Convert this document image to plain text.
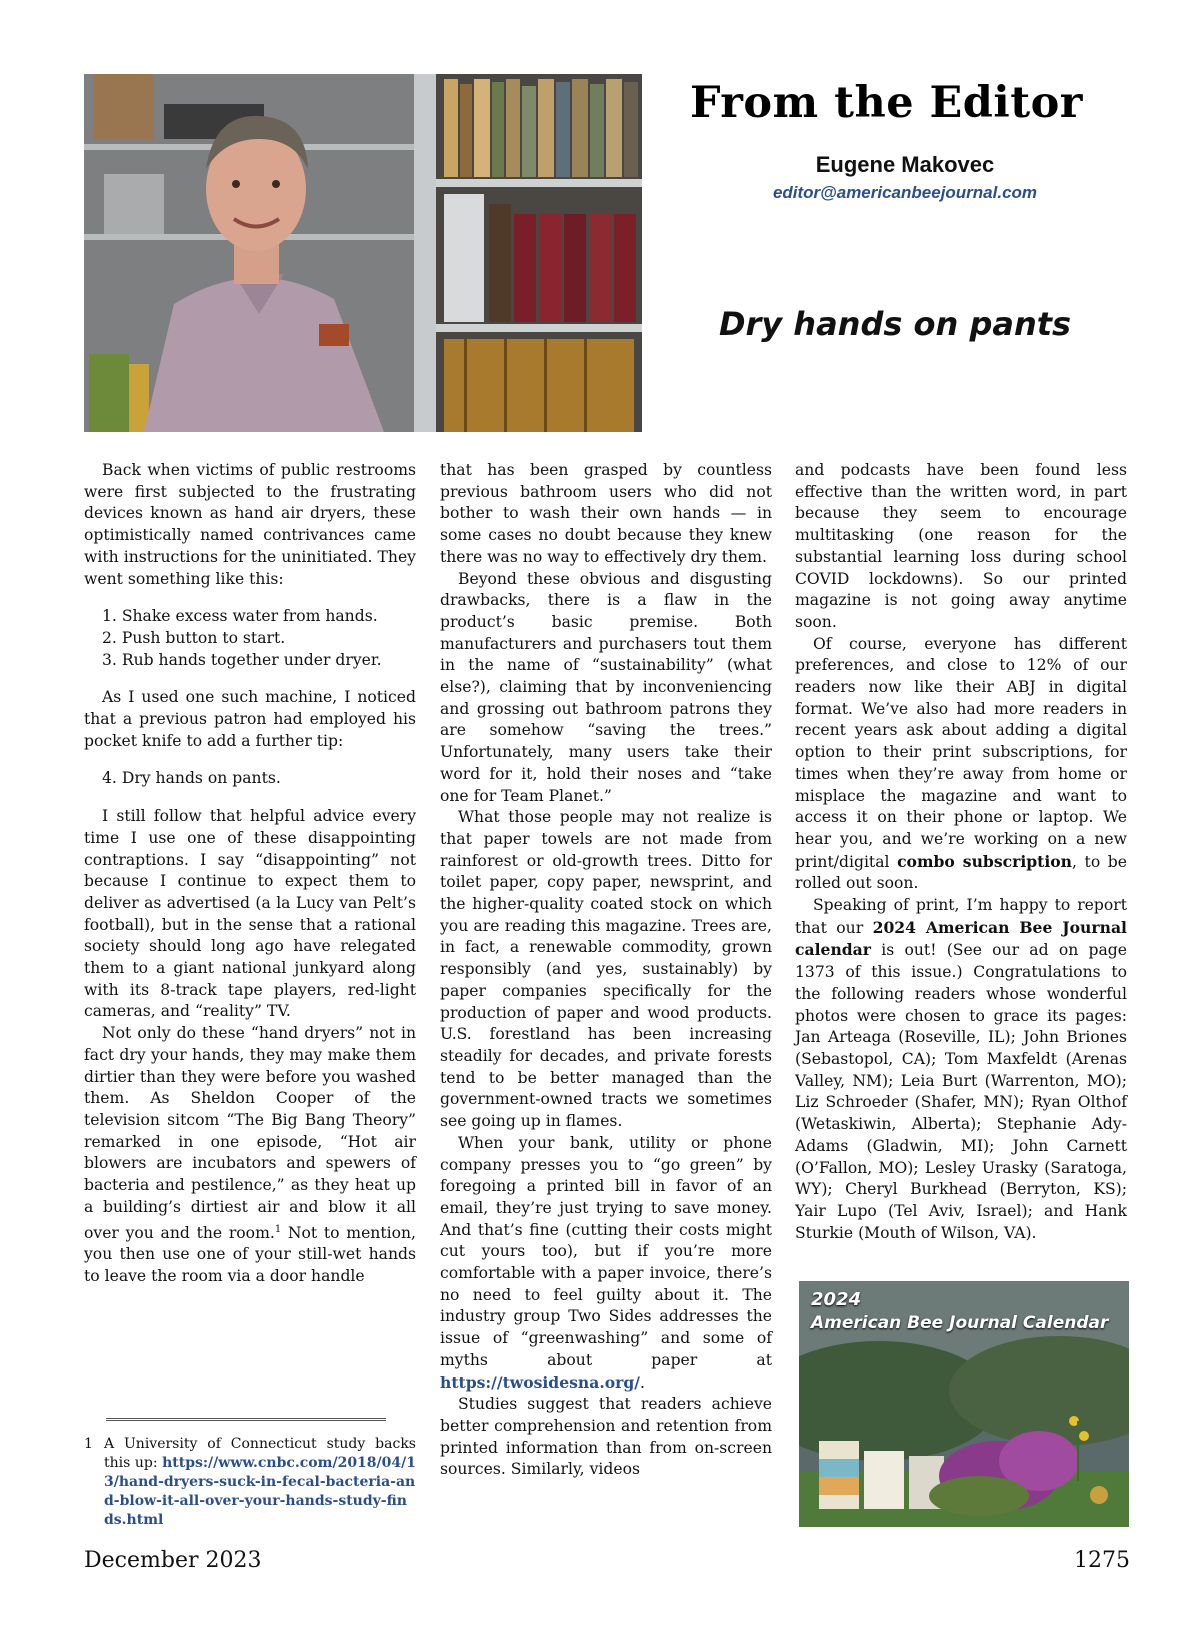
From the Editor
Eugene Makovec
editor@americanbeejournal.com
Dry hands on pants

Back when victims of public restrooms were first subjected to the frustrating devices known as hand air dryers, these optimistically named contrivances came with instructions for the uninitiated. They went something like this:

1. Shake excess water from hands.
2. Push button to start.
3. Rub hands together under dryer.

As I used one such machine, I noticed that a previous patron had employed his pocket knife to add a further tip:

4. Dry hands on pants.

I still follow that helpful advice every time I use one of these disappointing contraptions. I say “disappointing” not because I continue to expect them to deliver as advertised (a la Lucy van Pelt’s football), but in the sense that a rational society should long ago have relegated them to a giant national junkyard along with its 8-track tape players, red-light cameras, and “reality” TV.

Not only do these “hand dryers” not in fact dry your hands, they may make them dirtier than they were before you washed them. As Sheldon Cooper of the television sitcom “The Big Bang Theory” remarked in one episode, “Hot air blowers are incubators and spewers of bacteria and pestilence,” as they heat up a building’s dirtiest air and blow it all over you and the room.$^1$ Not to mention, you then use one of your still-wet hands to leave the room via a door handle

that has been grasped by countless previous bathroom users who did not bother to wash their own hands — in some cases no doubt because they knew there was no way to effectively dry them.

Beyond these obvious and disgusting drawbacks, there is a flaw in the product’s basic premise. Both manufacturers and purchasers tout them in the name of “sustainability” (what else?), claiming that by inconveniencing and grossing out bathroom patrons they are somehow “saving the trees.” Unfortunately, many users take their word for it, hold their noses and “take one for Team Planet.”

What those people may not realize is that paper towels are not made from rainforest or old-growth trees. Ditto for toilet paper, copy paper, newsprint, and the higher-quality coated stock on which you are reading this magazine. Trees are, in fact, a renewable commodity, grown responsibly (and yes, sustainably) by paper companies specifically for the production of paper and wood products. U.S. forestland has been increasing steadily for decades, and private forests tend to be better managed than the government-owned tracts we sometimes see going up in flames.

When your bank, utility or phone company presses you to “go green” by foregoing a printed bill in favor of an email, they’re just trying to save money. And that’s fine (cutting their costs might cut yours too), but if you’re more comfortable with a paper invoice, there’s no need to feel guilty about it. The industry group Two Sides addresses the issue of “greenwashing” and some of myths about paper at https://twosidesna.org/.

Studies suggest that readers achieve better comprehension and retention from printed information than from on-screen sources. Similarly, videos

and podcasts have been found less effective than the written word, in part because they seem to encourage multitasking (one reason for the substantial learning loss during school COVID lockdowns). So our printed magazine is not going away anytime soon.

Of course, everyone has different preferences, and close to 12% of our readers now like their ABJ in digital format. We’ve also had more readers in recent years ask about adding a digital option to their print subscriptions, for times when they’re away from home or misplace the magazine and want to access it on their phone or laptop. We hear you, and we’re working on a new print/digital combo subscription, to be rolled out soon.

Speaking of print, I’m happy to report that our 2024 American Bee Journal calendar is out! (See our ad on page 1373 of this issue.) Congratulations to the following readers whose wonderful photos were chosen to grace its pages: Jan Arteaga (Roseville, IL); John Briones (Sebastopol, CA); Tom Maxfeldt (Arenas Valley, NM); Leia Burt (Warrenton, MO); Liz Schroeder (Shafer, MN); Ryan Olthof (Wetaskiwin, Alberta); Stephanie Ady-Adams (Gladwin, MI); John Carnett (O’Fallon, MO); Lesley Urasky (Saratoga, WY); Cheryl Burkhead (Berryton, KS); Yair Lupo (Tel Aviv, Israel); and Hank Sturkie (Mouth of Wilson, VA).

2024
American Bee Journal Calendar
1 A University of Connecticut study backs this up: https://www.cnbc.com/2018/04/13/hand-dryers-suck-in-fecal-bacteria-and-blow-it-all-over-your-hands-study-finds.html
December 2023	1275
